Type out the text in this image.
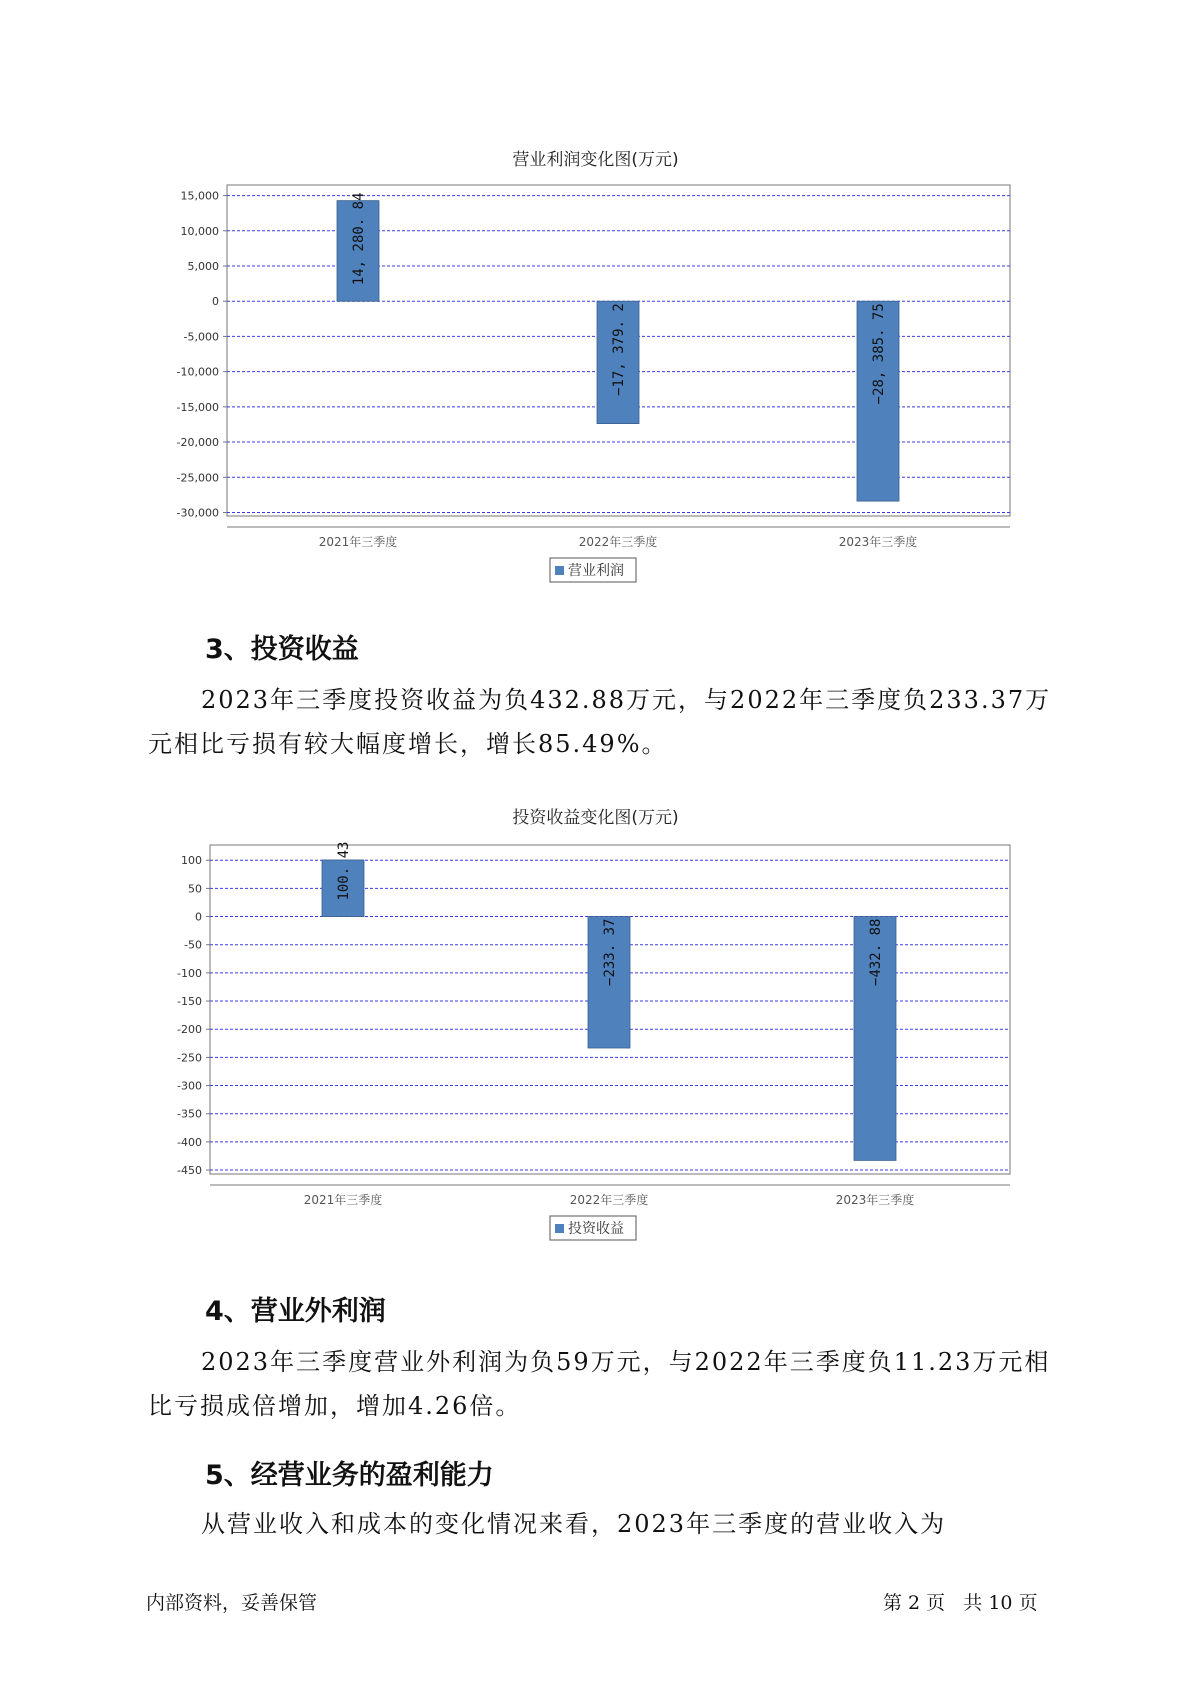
营业利润变化图(万元)
15,000
10,000
5,000
0
-5,000
-10,000
-15,000
-20,000
-25,000
-30,000
14, 280. 84
2021年三季度
−17, 379. 2
2022年三季度
−28, 385. 75
2023年三季度
营业利润
3、投资收益
2023年三季度投资收益为负432.88万元，与2022年三季度负233.37万元相比亏损有较大幅度增长，增长85.49%。
投资收益变化图(万元)
100
50
0
-50
-100
-150
-200
-250
-300
-350
-400
-450
100. 43
2021年三季度
−233. 37
2022年三季度
−432. 88
2023年三季度
投资收益
4、营业外利润
2023年三季度营业外利润为负59万元，与2022年三季度负11.23万元相比亏损成倍增加，增加4.26倍。
5、经营业务的盈利能力
从营业收入和成本的变化情况来看，2023年三季度的营业收入为
内部资料，妥善保管	第 2 页   共 10 页
